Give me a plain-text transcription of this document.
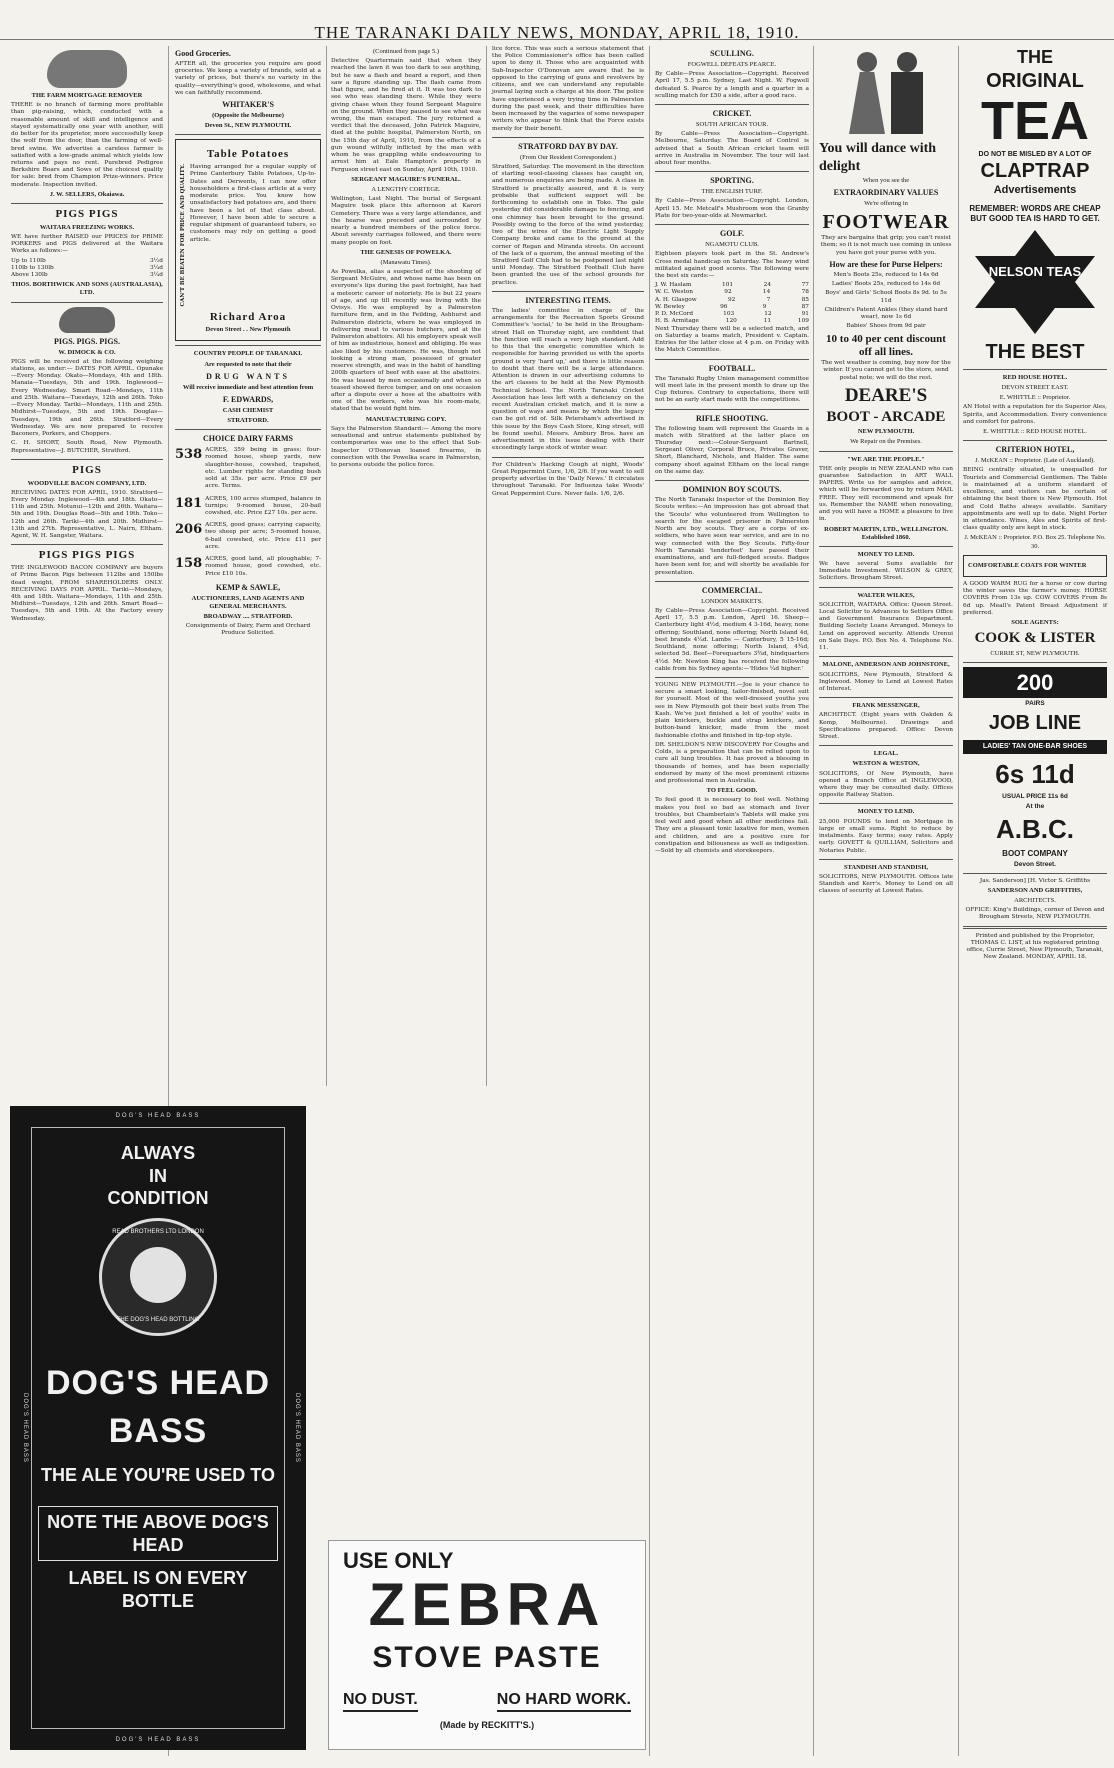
THE TARANAKI DAILY NEWS, MONDAY, APRIL 18, 1910.
THE FARM MORTGAGE REMOVER
THERE is no branch of farming more profitable than pig-raising, which, conducted with a reasonable amount of skill and intelligence and stayed systematically one year with another, will do better for its proprietor, more successfully keep the wolf from the door, than the farming of well-bred swine. We advertise a careless farmer is satisfied with a low-grade animal which yields low returns and pays no rent. Purebred Pedigree Berkshire Boars and Sows of the choicest quality for sale: bred from Champion Prize-winners. Price moderate. Inspection invited.
J. W. SELLERS, Okaiawa.
PIGS PIGS
WAITARA FREEZING WORKS.
WE have further RAISED our PRICES for PRIME PORKERS and PIGS delivered at the Waitara Works as follows:—
Up to 110lb	3½d
110lb to 130lb	3¼d
Above 130lb	3¼d
THOS. BORTHWICK AND SONS (AUSTRALASIA), LTD.
PIGS. PIGS. PIGS.
W. DIMOCK & CO.
PIGS will be received at the following weighing stations, as under:— DATES FOR APRIL. Opunake—Every Monday. Okato—Mondays, 4th and 18th. Manaia—Tuesdays, 5th and 19th. Inglewood—Every Wednesday. Smart Road—Mondays, 11th and 25th. Waitara—Tuesdays, 12th and 26th. Toko—Every Monday. Tariki—Mondays, 11th and 25th. Midhirst—Tuesdays, 5th and 19th. Douglas—Tuesdays, 19th and 26th. Stratford—Every Wednesday. We are now prepared to receive Baconers, Porkers, and Choppers.
C. H. SHORT, South Road, New Plymouth. Representative—J. BUTCHER, Stratford.
PIGS
WOODVILLE BACON COMPANY, LTD.
RECEIVING DATES FOR APRIL, 1910. Stratford—Every Monday. Inglewood—4th and 18th. Okato—11th and 25th. Motunui—12th and 26th. Waitara—5th and 19th. Douglas Road—5th and 19th. Toko—12th and 26th. Tariki—4th and 20th. Midhirst—13th and 27th. Representative, L. Nairn, Eltham. Agent, W. H. Sangster, Waitara.
PIGS PIGS PIGS
THE INGLEWOOD BACON COMPANY are buyers of Prime Bacon Pigs between 112lbs and 150lbs dead weight, FROM SHAREHOLDERS ONLY. RECEIVING DAYS FOR APRIL. Tariki—Mondays, 4th and 18th. Waitara—Mondays, 11th and 25th. Midhirst—Tuesdays, 12th and 26th. Smart Road—Tuesdays, 5th and 19th. At the Factory every Wednesday.
DOG'S HEAD BASS
DOG'S HEAD BASS
DOG'S HEAD BASS	DOG'S HEAD BASS
ALWAYS
IN
CONDITION
READ BROTHERS LTD LONDON
THE DOG'S HEAD BOTTLING
DOG'S HEAD
BASS
THE ALE YOU'RE USED TO
NOTE THE ABOVE DOG'S HEAD
LABEL IS ON EVERY BOTTLE
Good Groceries.
AFTER all, the groceries you require are good groceries. We keep a variety of brands, sold at a variety of prices, but there's no variety in the quality—everything's good, wholesome, and what we can faithfully recommend.
WHITAKER'S
(Opposite the Melbourne)
Devon St., NEW PLYMOUTH.
Table Potatoes
CAN'T BE BEATEN FOR PRICE AND QUALITY. Having arranged for a regular supply of Prime Canterbury Table Potatoes, Up-to-Dates and Derwents, I can now offer householders a first-class article at a very moderate price. You know how unsatisfactory bad potatoes are, and there have been a lot of that class about. However, I have been able to secure a regular shipment of guaranteed tubers, so customers may rely on getting a good article.
Richard Aroa
Devon Street . . New Plymouth
COUNTRY PEOPLE OF TARANAKI.
Are requested to note that their
DRUG WANTS
Will receive immediate and best attention from
F. EDWARDS,
CASH CHEMIST
STRATFORD.
CHOICE DAIRY FARMS
538 ACRES, 359 being in grass; four-roomed house, sheep yards, new slaughter-house, cowshed, trapshed, etc. Lumber rights for standing bush sold at 35s. per acre. Price £9 per acre. Terms.
181 ACRES, 100 acres stumped, balance in turnips; 9-roomed house, 20-bail cowshed, etc. Price £27 10s. per acre.
206 ACRES, good grass; carrying capacity, two sheep per acre; 5-roomed house, 6-bail cowshed, etc. Price £11 per acre.
158 ACRES, good land, all ploughable; 7-roomed house, good cowshed, etc. Price £10 10s.
KEMP & SAWLE,
AUCTIONEERS, LAND AGENTS AND GENERAL MERCHANTS.
BROADWAY .... STRATFORD.
Consignments of Dairy, Farm and Orchard Produce Solicited.
(Continued from page 5.)
Detective Quartermain said that when they reached the lawn it was too dark to see anything, but he saw a flash and heard a report, and then saw a figure standing up. The flash came from that figure, and he fired at it. It was too dark to see who was standing there. While they were giving chase when they found Sergeant Maguire on the ground. When they paused to see what was wrong, the man escaped. The jury returned a verdict that the deceased, John Patrick Maguire, died at the public hospital, Palmerston North, on the 15th day of April, 1910, from the effects of a gun wound wilfully inflicted by the man with whom he was grappling while endeavouring to arrest him at Eale Hampton's property in Ferguson street east on Sunday, April 10th, 1910.
SERGEANT MAGUIRE'S FUNERAL.
A LENGTHY CORTEGE.
Wellington, Last Night. The burial of Sergeant Maguire took place this afternoon at Karori Cemetery. There was a very large attendance, and the hearse was preceded and surrounded by nearly a hundred members of the police force. About seventy carriages followed, and there were many people on foot.
THE GENESIS OF POWELKA.
(Manawatu Times).
As Powelka, alias a suspected of the shooting of Sergeant McGuire, and whose name has been on everyone's lips during the past fortnight, has had a meteoric career of notoriety. He is but 22 years of age, and up till recently was living with the Ovisys. He was employed by a Palmerston furniture firm, and in the Feilding, Ashhurst and Palmerston districts, where he was employed in delivering meat to various butchers, and at the Palmerston abattoirs. All his employers speak well of him as industrious, honest and obliging. He was also liked by his customers. He was, though not looking a strong man, possessed of greater reserve strength, and was in the habit of handling 200lb quarters of beef with ease at the abattoirs. He was teased by men occasionally and when so teased showed fierce temper, and on one occasion after a dispute over a hose at the abattoirs with one of the workers, who was his room-mate, stated that he would fight him.
MANUFACTURING COPY.
Says the Palmerston Standard:— Among the more sensational and untrue statements published by contemporaries was one to the effect that Sub-Inspector O'Donovan loaned firearms, in connection with the Powelka scare in Palmerston, to persons outside the police force.
lice force. This was such a serious statement that the Police Commissioner's office has been called upon to deny it. Those who are acquainted with Sub-Inspector O'Donovan are aware that he is opposed to the carrying of guns and revolvers by citizens, and we can understand any reputable journal laying such a charge at his door. The police have experienced a very trying time in Palmerston during the past week, and their difficulties have been increased by the vagaries of some newspaper writers who appear to think that the Force exists merely for their benefit.
STRATFORD DAY BY DAY.
(From Our Resident Correspondent.)
Stratford, Saturday. The movement in the direction of starting wool-classing classes has caught on, and numerous enquiries are being made. A class in Stratford is practically assured, and it is very probable that sufficient support will be forthcoming to establish one in Toko. The gale yesterday did considerable damage to fencing, and one chimney has been brought to the ground. Possibly owing to the force of the wind yesterday, two of the wires of the Electric Light Supply Company broke and came to the ground at the corner of Regan and Miranda streets. On account of the lack of a quorum, the annual meeting of the Stratford Golf Club had to be postponed last night until Monday. The Stratford Football Club have been granted the use of the school grounds for practice.
INTERESTING ITEMS.
The ladies' committee in charge of the arrangements for the Recreation Sports Ground Committee's 'social,' to be held in the Brougham-street Hall on Thursday night, are confident that the function will reach a very high standard. Add to this that the energetic committee which is responsible for having provided us with the sports ground is very 'hard up,' and there is little reason to doubt that there will be a large attendance. Attention is drawn in our advertising columns to the art classes to be held at the New Plymouth Technical School. The North Taranaki Cricket Association has less left with a deficiency on the recent Australian cricket match, and it is now a question of ways and means by which the legacy can be got rid of. Silk Petersham's advertised in this issue by the Boys Cash Store, King street, will be found useful. Messrs. Ambury Bros. have an advertisement in this issue dealing with their exceedingly large stock of winter wear.
For Children's Hacking Cough at night, Woods' Great Peppermint Cure, 1/6, 2/6. If you want to sell property advertise in the 'Daily News.' It circulates throughout Taranaki. For Influenza take Woods' Great Peppermint Cure. Never fails. 1/6, 2/6.
USE ONLY
ZEBRA
STOVE PASTE
NO DUST.	NO HARD WORK.
(Made by RECKITT'S.)
SCULLING.
FOGWELL DEFEATS PEARCE.
By Cable—Press Association—Copyright. Received April 17, 5.5 p.m. Sydney, Last Night. W. Fogwell defeated S. Pearce by a length and a quarter in a sculling match for £50 a side, after a good race.
CRICKET.
SOUTH AFRICAN TOUR.
By Cable—Press Association—Copyright. Melbourne, Saturday. The Board of Control is advised that a South African cricket team will arrive in Australia in November. The tour will last about four months.
SPORTING.
THE ENGLISH TURF.
By Cable—Press Association—Copyright. London, April 15. Mr. Metcalf's Mushroom won the Granby Plate for two-year-olds at Newmarket.
GOLF.
NGAMOTU CLUB.
Eighteen players took part in the St. Andrew's Cross medal handicap on Saturday. The heavy wind militated against good scores. The following were the best six cards:—
J. W. Haslam	101	24	77
W. C. Weston	92	14	78
A. H. Glasgow	92	7	85
W. Bewley	96	9	87
P. D. McCord	103	12	91
H. B. Armitage	120	11	109
Next Thursday there will be a selected match, and on Saturday a teams match, President v. Captain. Entries for the latter close at 4 p.m. on Friday with the Match Committee.
FOOTBALL.
The Taranaki Rugby Union management committee will meet late in the present month to draw up the Cup fixtures. Contrary to expectations, there will not be an early start made with the competitions.
RIFLE SHOOTING.
The following team will represent the Guards in a match with Stratford at the latter place on Thursday next:—Colour-Sergeant Bartnell, Sergeant Oliver, Corporal Bruce, Privates Graver, Short, Blanchard, Nichols, and Halder. The same company shoot against Eltham on the local range on the same day.
DOMINION BOY SCOUTS.
The North Taranaki Inspector of the Dominion Boy Scouts writes:—An impression has got abroad that the 'Scouts' who volunteered from Wellington to search for the escaped prisoner in Palmerston North are boy scouts. They are a corps of ex-soldiers, who have seen war service, and are in no way connected with the Boy Scouts. Fifty-four North Taranaki 'tenderfeet' have passed their examinations, and are full-fledged scouts. Badges have been sent for, and will shortly be available for presentation.
COMMERCIAL.
LONDON MARKETS.
By Cable—Press Association—Copyright. Received April 17, 5.5 p.m. London, April 16. Sheep—Canterbury light 4½d, medium 4 3-16d, heavy, none offering; Southland, none offering; North Island 4d, best brands 4¼d. Lambs — Canterbury, 5 15-16d; Southland, none offering; North Island, 4¾d, selected 5d. Beef—Forequarters 3¾d, hindquarters 4½d. Mr. Newton King has received the following cable from his Sydney agents:—'Hides ¼d higher.'
YOUNG NEW PLYMOUTH.—Joe is your chance to secure a smart looking, tailor-finished, novel suit for yourself. Most of the well-dressed youths you see in New Plymouth got their best suits from The Kash. We've just finished a lot of youths' suits in plain knickers, buckle and strap knickers, and button-band knicker, made from the most fashionable cloths and finished in tip-top style.
DR. SHELDON'S NEW DISCOVERY For Coughs and Colds, is a preparation that can be relied upon to cure all lung troubles. It has proved a blessing in thousands of homes, and has been especially endorsed by many of the most prominent citizens and professional men in Australia.
TO FEEL GOOD.
To feel good it is necessary to feel well. Nothing makes you feel so bad as stomach and liver troubles, but Chamberlain's Tablets will make you feel well and good when all other medicines fail. They are a pleasant tonic laxative for men, women and children, and are a positive cure for constipation and biliousness as well as indigestion.—Sold by all chemists and storekeepers.
You will dance with delight
When you see the
EXTRAORDINARY VALUES
We're offering in
FOOTWEAR
They are bargains that grip; you can't resist them; so it is not much use coming in unless you have got your purse with you.
How are these for Purse Helpers:
Men's Boots 25s, reduced to 14s 6d
Ladies' Boots 25s, reduced to 14s 6d
Boys' and Girls' School Boots 8s 9d. to 5s 11d
Children's Patent Ankles (they stand hard wear), now 1s 6d
Babies' Shoes from 9d pair
10 to 40 per cent discount off all lines.
The wet weather is coming, buy now for the winter. If you cannot get to the store, send postal note; we will do the rest.
DEARE'S
BOOT - ARCADE
NEW PLYMOUTH.
We Repair on the Premises.
"WE ARE THE PEOPLE."
THE only people in NEW ZEALAND who can guarantee Satisfaction in ART WALL PAPERS. Write us for samples and advice, which will be forwarded you by return MAIL FREE. They will recommend and speak for us. Remember the NAME when renovating, and you will have a HOME a pleasure to live in.
ROBERT MARTIN, LTD., WELLINGTON. Established 1860.
MONEY TO LEND.
We have several Sums available for Immediate Investment. WILSON & GREY, Solicitors. Brougham Street.
WALTER WILKES,
SOLICITOR, WAITARA. Office: Queen Street. Local Solicitor to Advances to Settlers Office and Government Insurance Department. Building Society Loans Arranged. Moneys to Lend on approved security. Attends Urenui on Sale Days. P.O. Box No. 4. Telephone No. 11.
MALONE, ANDERSON AND JOHNSTONE,
SOLICITORS, New Plymouth, Stratford & Inglewood. Money to Lend at Lowest Rates of Interest.
FRANK MESSENGER,
ARCHITECT. (Eight years with Oakden & Kemp, Melbourne). Drawings and Specifications prepared. Office: Devon Street.
LEGAL.
WESTON & WESTON,
SOLICITORS, Of New Plymouth, have opened a Branch Office at INGLEWOOD, where they may be consulted daily. Offices opposite Railway Station.
MONEY TO LEND.
25,000 POUNDS to lend on Mortgage in large or small sums. Right to reduce by instalments. Easy terms; easy rates. Apply early. GOVETT & QUILLIAM, Solicitors and Notaries Public.
STANDISH AND STANDISH,
SOLICITORS, NEW PLYMOUTH. Offices late Standish and Kerr's. Money to Lend on all classes of security at Lowest Rates.
THE
ORIGINAL
TEA
DO NOT BE MISLED BY A LOT OF
CLAPTRAP
Advertisements
REMEMBER: WORDS ARE CHEAP BUT GOOD TEA IS HARD TO GET.
NELSON TEAS
THE BEST
RED HOUSE HOTEL.
DEVON STREET EAST.
E. WHITTLE :: Proprietor.
AN Hotel with a reputation for its Superior Ales, Spirits, and Accommodation. Every convenience and comfort for patrons.
E. WHITTLE :: RED HOUSE HOTEL.
CRITERION HOTEL,
J. McKEAN :: Proprietor. (Late of Auckland).
BEING centrally situated, is unequalled for Tourists and Commercial Gentlemen. The Table is maintained at a uniform standard of excellence, and visitors can be certain of obtaining the best there is New Plymouth. Hot and Cold Baths always available. Sanitary appointments are well up to date. Night Porter in attendance. Wines, Ales and Spirits of first-class quality only are kept in stock.
J. McKEAN :: Proprietor. P.O. Box 25. Telephone No. 30.
COMFORTABLE COATS FOR WINTER
A GOOD WARM RUG for a horse or cow during the winter saves the farmer's money. HORSE COVERS From 13s up. COW COVERS From 8s 6d up. Meall's Patent Breast Adjustment if preferred.
SOLE AGENTS:
COOK & LISTER
CURRIE ST, NEW PLYMOUTH.
200
PAIRS
JOB LINE
LADIES' TAN ONE-BAR SHOES
6s 11d
USUAL PRICE 11s 6d
At the
A.B.C.
BOOT COMPANY
Devon Street.
Jas. Sanderson] [H. Victor S. Griffiths
SANDERSON AND GRIFFITHS,
ARCHITECTS.
OFFICE: King's Buildings, corner of Devon and Brougham Streets, NEW PLYMOUTH.
Printed and published by the Proprietor, THOMAS C. LIST, at his registered printing office, Currie Street, New Plymouth, Taranaki, New Zealand. MONDAY, APRIL 18.
